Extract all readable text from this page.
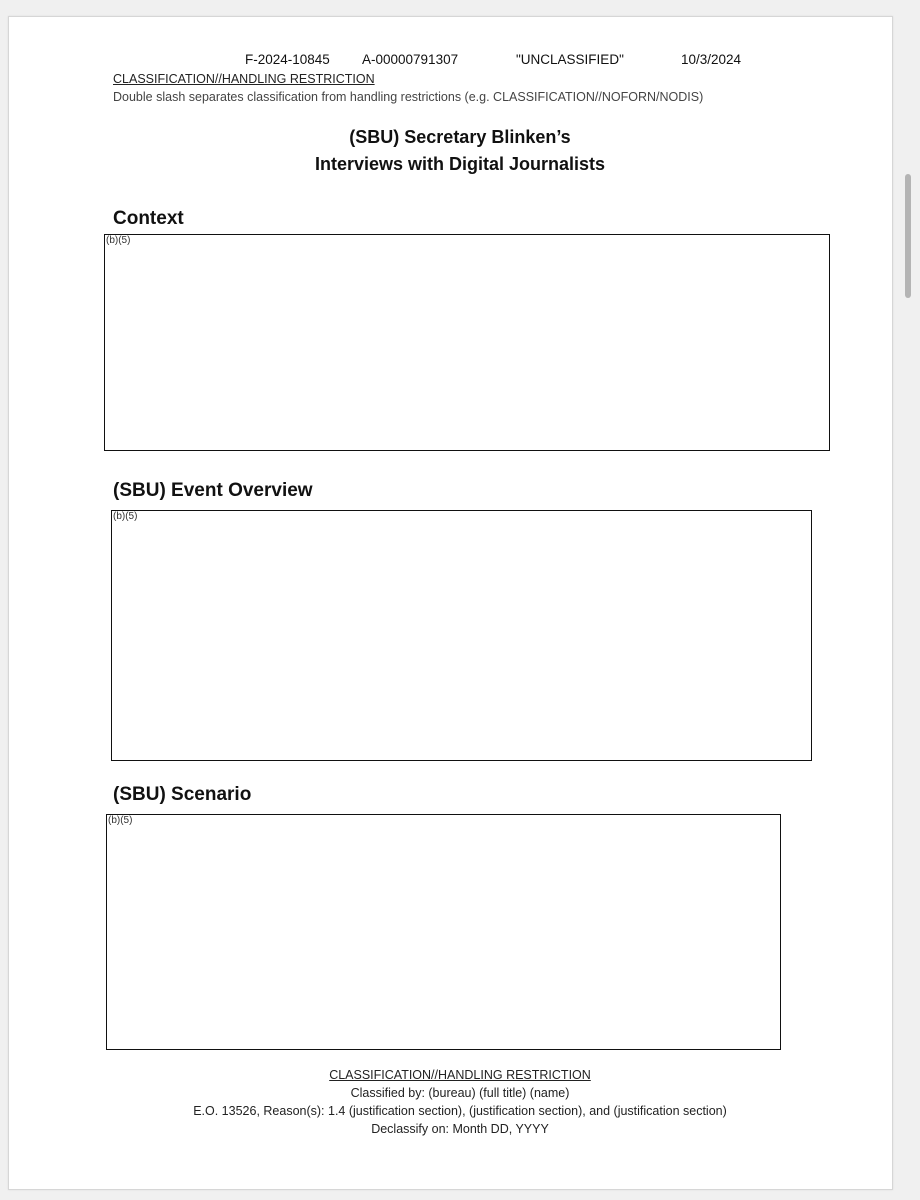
F-2024-10845 A-00000791307	"UNCLASSIFIED"	10/3/2024
CLASSIFICATION//HANDLING RESTRICTION
Double slash separates classification from handling restrictions (e.g. CLASSIFICATION//NOFORN/NODIS)
(SBU) Secretary Blinken’s
Interviews with Digital Journalists
Context
(b)(5)
(SBU) Event Overview
(b)(5)
(SBU) Scenario
(b)(5)
CLASSIFICATION//HANDLING RESTRICTION
Classified by: (bureau) (full title) (name)
E.O. 13526, Reason(s): 1.4 (justification section), (justification section), and (justification section)
Declassify on: Month DD, YYYY
